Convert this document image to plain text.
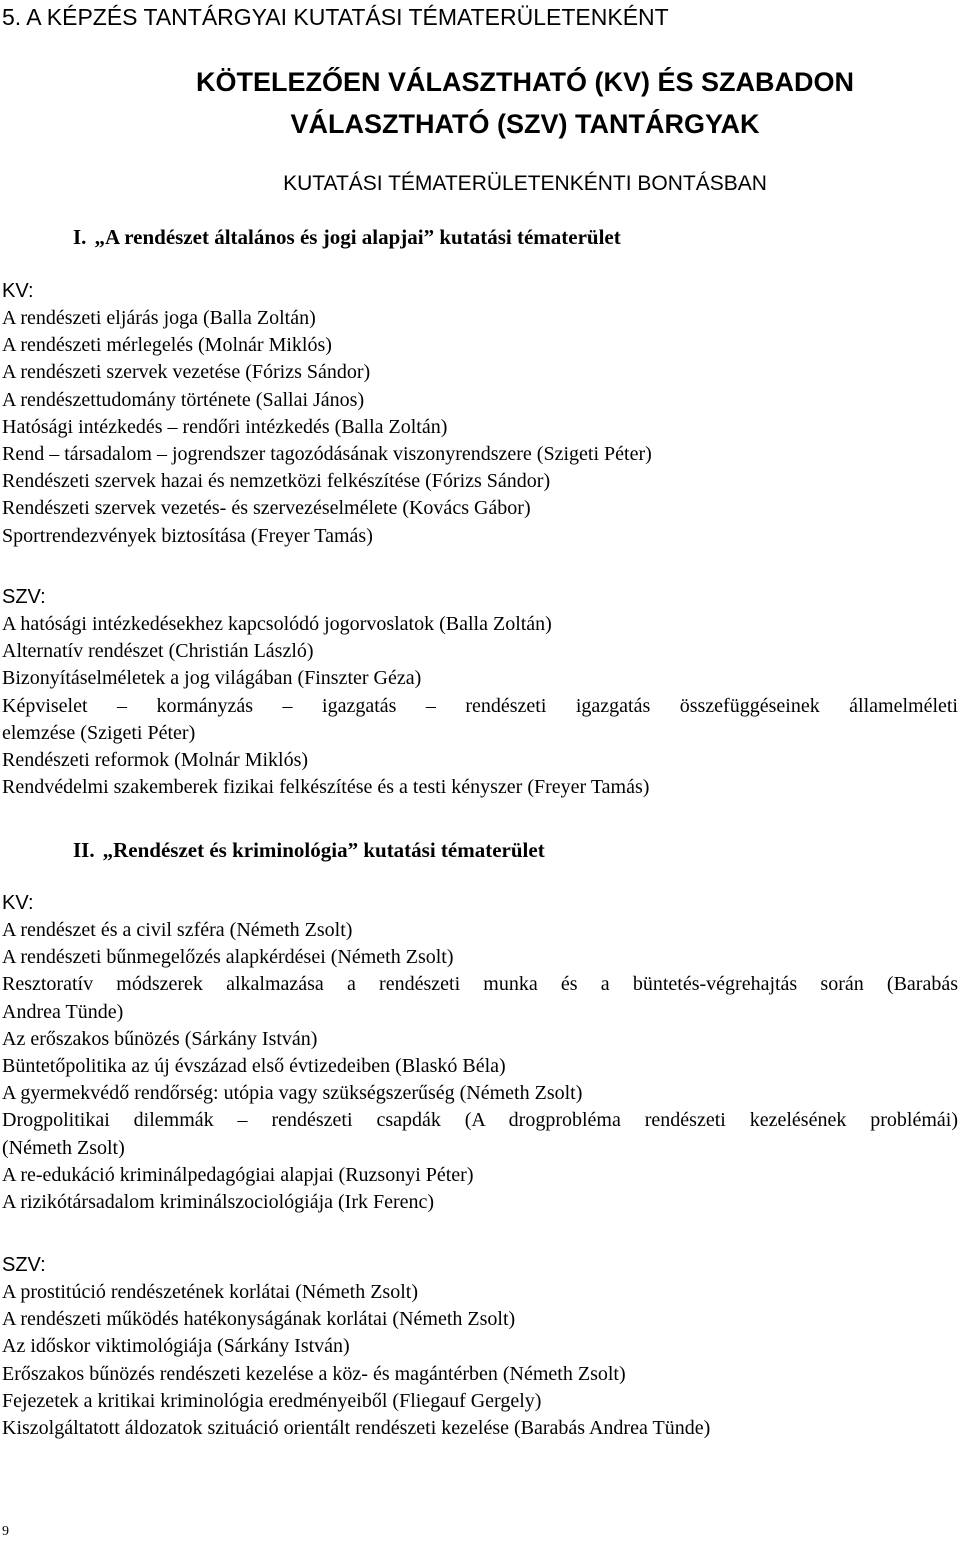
5. A KÉPZÉS TANTÁRGYAI KUTATÁSI TÉMATERÜLETENKÉNT
KÖTELEZŐEN VÁLASZTHATÓ (KV) ÉS SZABADON
VÁLASZTHATÓ (SZV) TANTÁRGYAK
KUTATÁSI TÉMATERÜLETENKÉNTI BONTÁSBAN
I. „A rendészet általános és jogi alapjai” kutatási tématerület
KV:
A rendészeti eljárás joga (Balla Zoltán)
A rendészeti mérlegelés (Molnár Miklós)
A rendészeti szervek vezetése (Fórizs Sándor)
A rendészettudomány története (Sallai János)
Hatósági intézkedés – rendőri intézkedés (Balla Zoltán)
Rend – társadalom – jogrendszer tagozódásának viszonyrendszere (Szigeti Péter)
Rendészeti szervek hazai és nemzetközi felkészítése (Fórizs Sándor)
Rendészeti szervek vezetés- és szervezéselmélete (Kovács Gábor)
Sportrendezvények biztosítása (Freyer Tamás)
SZV:
A hatósági intézkedésekhez kapcsolódó jogorvoslatok (Balla Zoltán)
Alternatív rendészet (Christián László)
Bizonyításelméletek a jog világában (Finszter Géza)
Képviselet – kormányzás – igazgatás – rendészeti igazgatás összefüggéseinek államelméleti
elemzése (Szigeti Péter)
Rendészeti reformok (Molnár Miklós)
Rendvédelmi szakemberek fizikai felkészítése és a testi kényszer (Freyer Tamás)
II. „Rendészet és kriminológia” kutatási tématerület
KV:
A rendészet és a civil szféra (Németh Zsolt)
A rendészeti bűnmegelőzés alapkérdései (Németh Zsolt)
Resztoratív módszerek alkalmazása a rendészeti munka és a büntetés-végrehajtás során (Barabás
Andrea Tünde)
Az erőszakos bűnözés (Sárkány István)
Büntetőpolitika az új évszázad első évtizedeiben (Blaskó Béla)
A gyermekvédő rendőrség: utópia vagy szükségszerűség (Németh Zsolt)
Drogpolitikai dilemmák – rendészeti csapdák (A drogprobléma rendészeti kezelésének problémái)
(Németh Zsolt)
A re-edukáció kriminálpedagógiai alapjai (Ruzsonyi Péter)
A rizikótársadalom kriminálszociológiája (Irk Ferenc)
SZV:
A prostitúció rendészetének korlátai (Németh Zsolt)
A rendészeti működés hatékonyságának korlátai (Németh Zsolt)
Az időskor viktimológiája (Sárkány István)
Erőszakos bűnözés rendészeti kezelése a köz- és magántérben (Németh Zsolt)
Fejezetek a kritikai kriminológia eredményeiből (Fliegauf Gergely)
Kiszolgáltatott áldozatok szituáció orientált rendészeti kezelése (Barabás Andrea Tünde)
9
